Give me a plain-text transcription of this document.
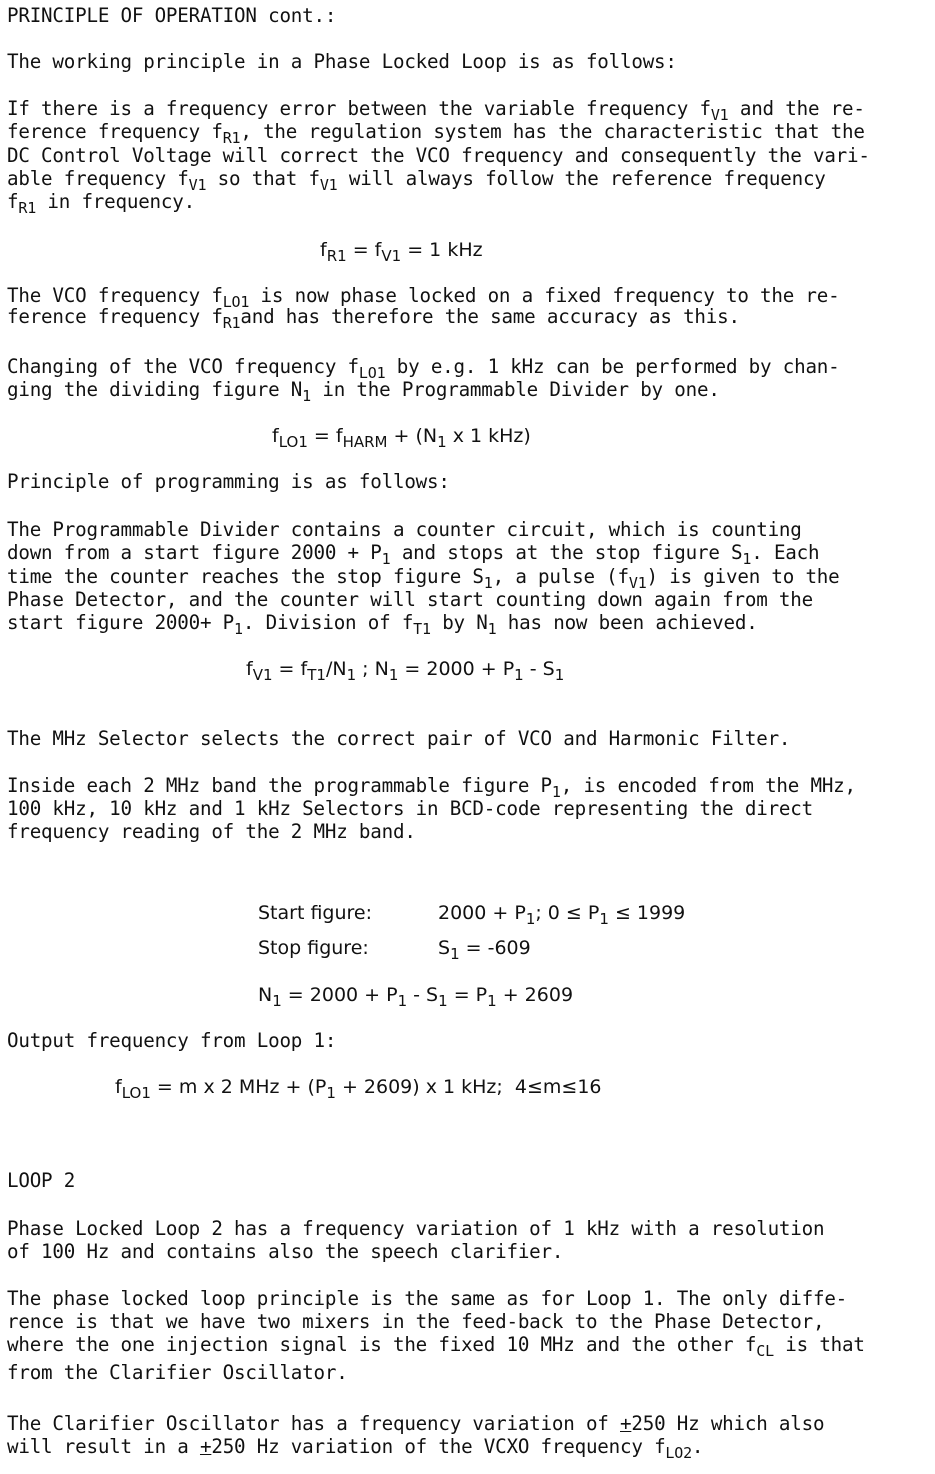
PRINCIPLE OF OPERATION cont.:
The working principle in a Phase Locked Loop is as follows:
If there is a frequency error between the variable frequency $f_{V1}$ and the re-
ference frequency $f_{R1}$, the regulation system has the characteristic that the
DC Control Voltage will correct the VCO frequency and consequently the vari-
able frequency $f_{V1}$ so that $f_{V1}$ will always follow the reference frequency
$f_{R1}$ in frequency.
$f_{R1} = f_{V1} = 1$ kHz
The VCO frequency $f_{LO1}$ is now phase locked on a fixed frequency to the re-
ference frequency $f_{R1}and$ has therefore the same accuracy as this.
Changing of the VCO frequency $f_{LO1}$ by e.g. 1 kHz can be performed by chan-
ging the dividing figure $N_1$ in the Programmable Divider by one.
$f_{LO1} = f_{HARM} + (N_1$ x 1 kHz)
Principle of programming is as follows:
The Programmable Divider contains a counter circuit, which is counting
down from a start figure $2000 + P_1$ and stops at the stop figure $S_1$. Each
time the counter reaches the stop figure $S_1$, a pulse $(f_{V1})$ is given to the
Phase Detector, and the counter will start counting down again from the
start figure $2000+ P_1$. Division of $f_{T1}$ by $N_1$ has now been achieved.
$f_{V1} = f_{T1}/N_1$ ; $N_1 = 2000 + P_1 - S_1$
The MHz Selector selects the correct pair of VCO and Harmonic Filter.
Inside each 2 MHz band the programmable figure $P_1$, is encoded from the MHz,
100 kHz, 10 kHz and 1 kHz Selectors in BCD-code representing the direct
frequency reading of the 2 MHz band.
Start figure:	$2000 + P_1$; $0 \le P_1 \le 1999$
Stop figure:	$S_1 = -609$
$N_1 = 2000 + P_1 - S_1 = P_1 + 2609$
Output frequency from Loop 1:
$f_{LO1} = m$ x 2 MHz + $(P_1 + 2609)$ x 1 kHz;  4≤m≤16
LOOP 2
Phase Locked Loop 2 has a frequency variation of 1 kHz with a resolution
of 100 Hz and contains also the speech clarifier.
The phase locked loop principle is the same as for Loop 1. The only diffe-
rence is that we have two mixers in the feed-back to the Phase Detector,
where the one injection signal is the fixed 10 MHz and the other $f_{CL}$ is that
from the Clarifier Oscillator.
The Clarifier Oscillator has a frequency variation of +250 Hz which also
will result in a +250 Hz variation of the VCXO frequency $f_{LO2}$.
